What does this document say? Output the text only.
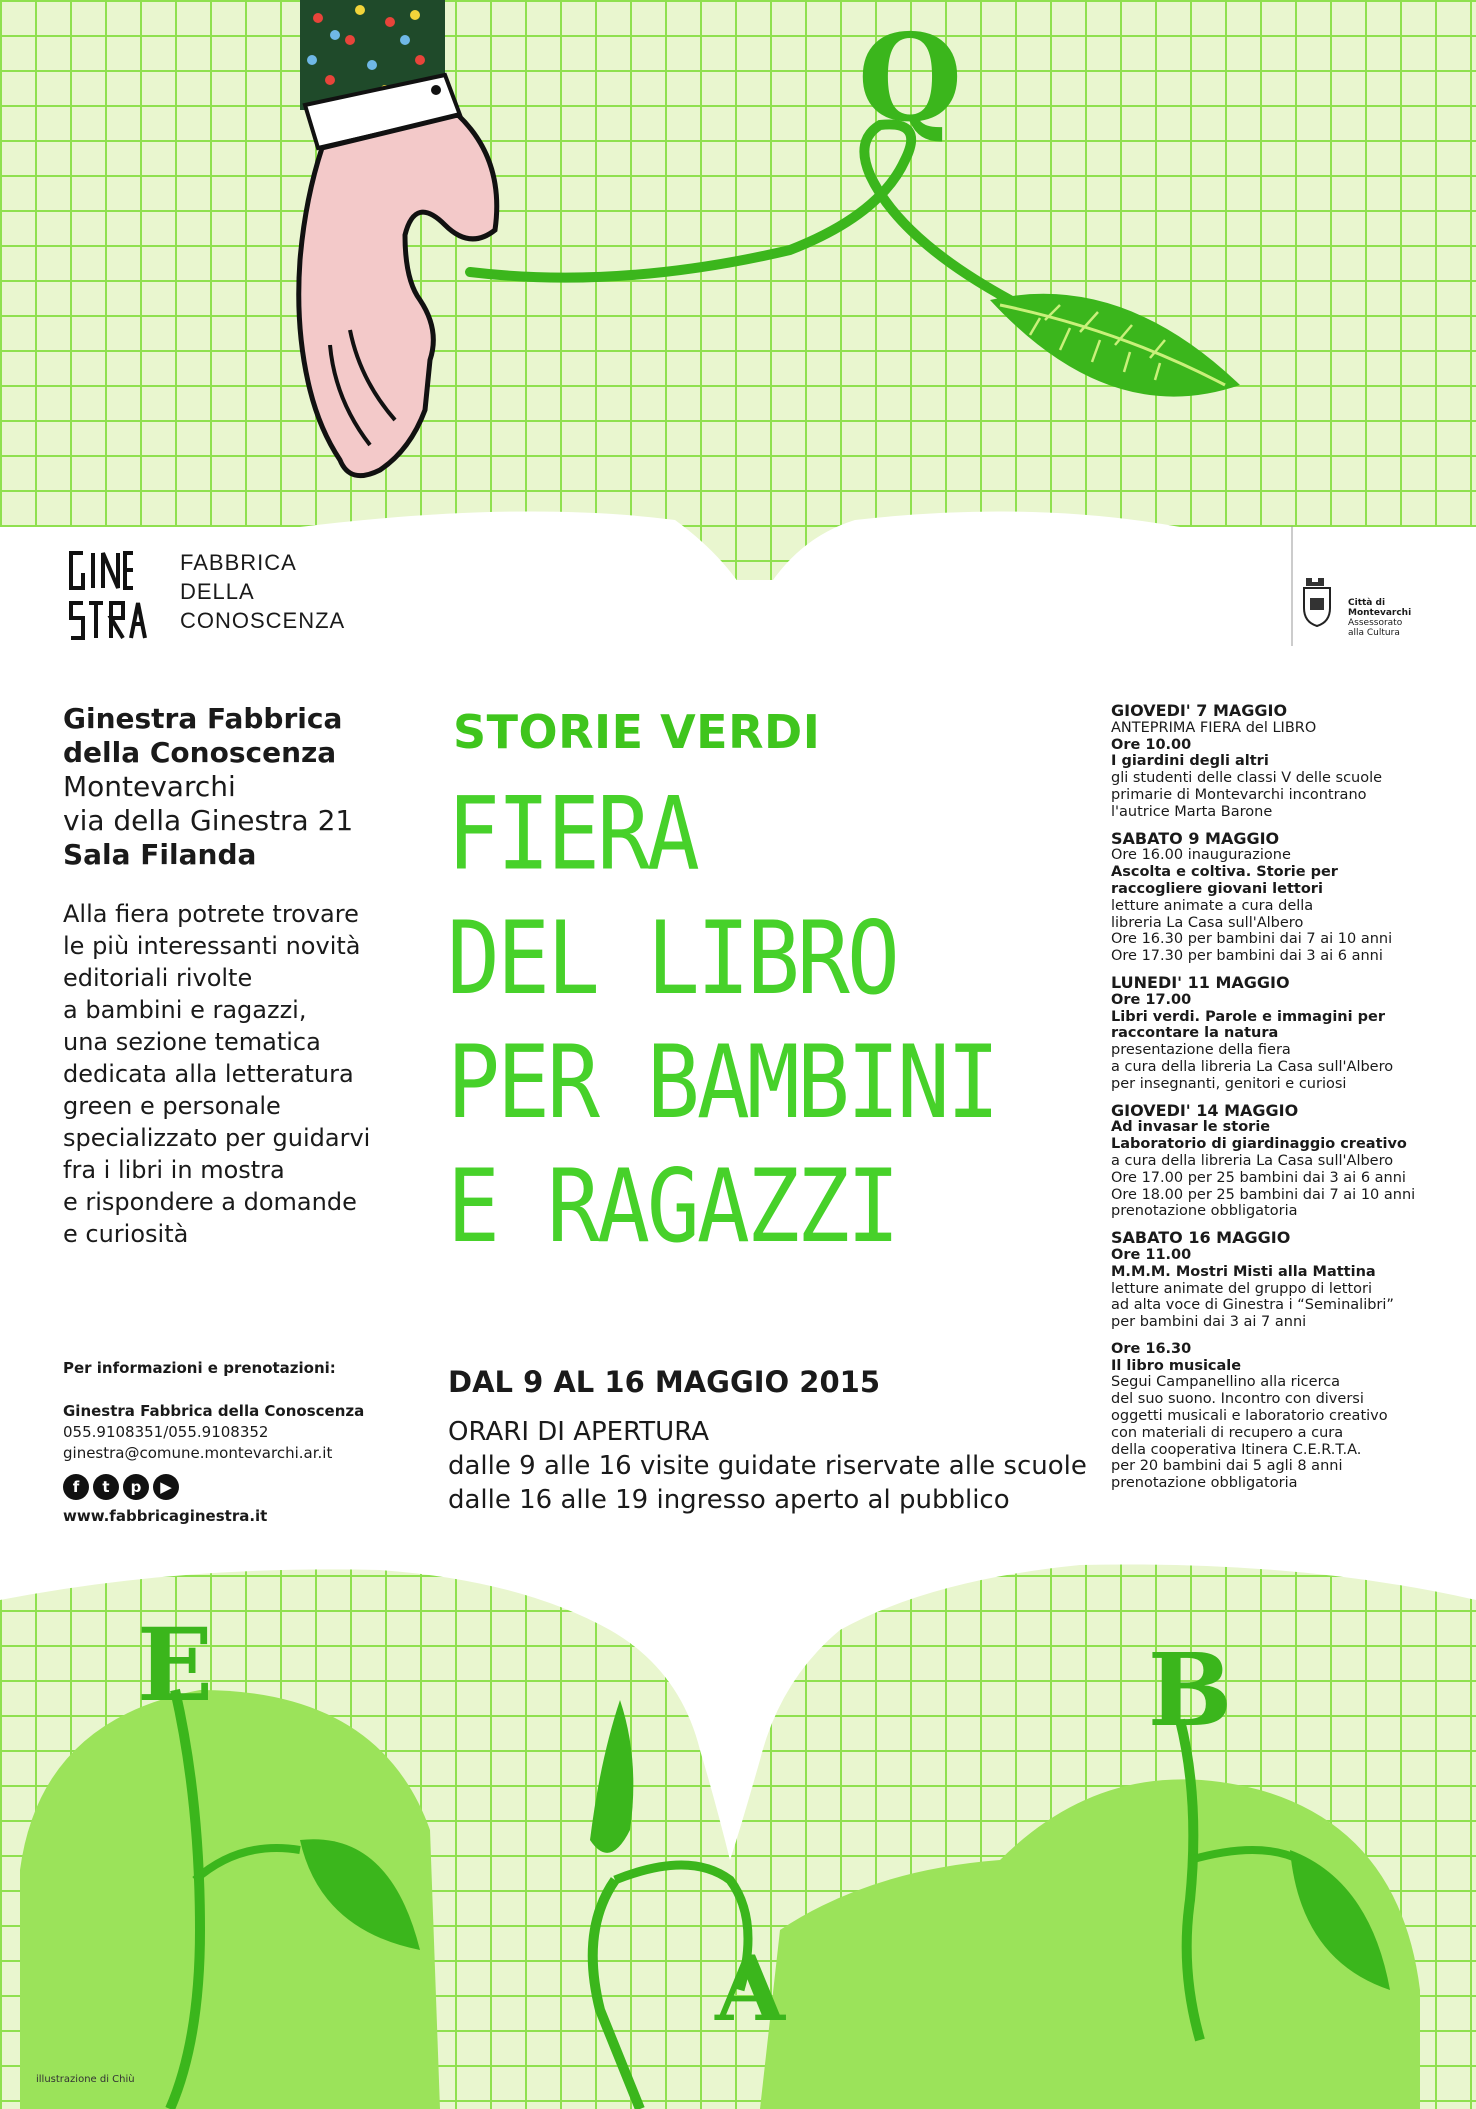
Q
E
A
B
FABBRICA
DELLA
CONOSCENZA
Città di
Montevarchi
Assessorato
alla Cultura
Ginestra Fabbrica
della Conoscenza
Montevarchi
via della Ginestra 21
Sala Filanda
Alla fiera potrete trovare
le più interessanti novità
editoriali rivolte
a bambini e ragazzi,
una sezione tematica
dedicata alla letteratura
green e personale
specializzato per guidarvi
fra i libri in mostra
e rispondere a domande
e curiosità
Per informazioni e prenotazioni:
Ginestra Fabbrica della Conoscenza
055.9108351/055.9108352
ginestra@comune.montevarchi.ar.it
f	t	p	▶
www.fabbricaginestra.it
STORIE VERDI
FIERA
DEL LIBRO
PER BAMBINI
E RAGAZZI
DAL 9 AL 16 MAGGIO 2015
ORARI DI APERTURA
dalle 9 alle 16 visite guidate riservate alle scuole
dalle 16 alle 19 ingresso aperto al pubblico
GIOVEDI' 7 MAGGIO
ANTEPRIMA FIERA del LIBRO
Ore 10.00
I giardini degli altri
gli studenti delle classi V delle scuole
primarie di Montevarchi incontrano
l'autrice Marta Barone
SABATO 9 MAGGIO
Ore 16.00 inaugurazione
Ascolta e coltiva. Storie per
raccogliere giovani lettori
letture animate a cura della
libreria La Casa sull'Albero
Ore 16.30 per bambini dai 7 ai 10 anni
Ore 17.30 per bambini dai 3 ai 6 anni
LUNEDI' 11 MAGGIO
Ore 17.00
Libri verdi. Parole e immagini per
raccontare la natura
presentazione della fiera
a cura della libreria La Casa sull'Albero
per insegnanti, genitori e curiosi
GIOVEDI' 14 MAGGIO
Ad invasar le storie
Laboratorio di giardinaggio creativo
a cura della libreria La Casa sull'Albero
Ore 17.00 per 25 bambini dai 3 ai 6 anni
Ore 18.00 per 25 bambini dai 7 ai 10 anni
prenotazione obbligatoria
SABATO 16 MAGGIO
Ore 11.00
M.M.M. Mostri Misti alla Mattina
letture animate del gruppo di lettori
ad alta voce di Ginestra i “Seminalibri”
per bambini dai 3 ai 7 anni
Ore 16.30
Il libro musicale
Segui Campanellino alla ricerca
del suo suono. Incontro con diversi
oggetti musicali e laboratorio creativo
con materiali di recupero a cura
della cooperativa Itinera C.E.R.T.A.
per 20 bambini dai 5 agli 8 anni
prenotazione obbligatoria
illustrazione di Chiù
